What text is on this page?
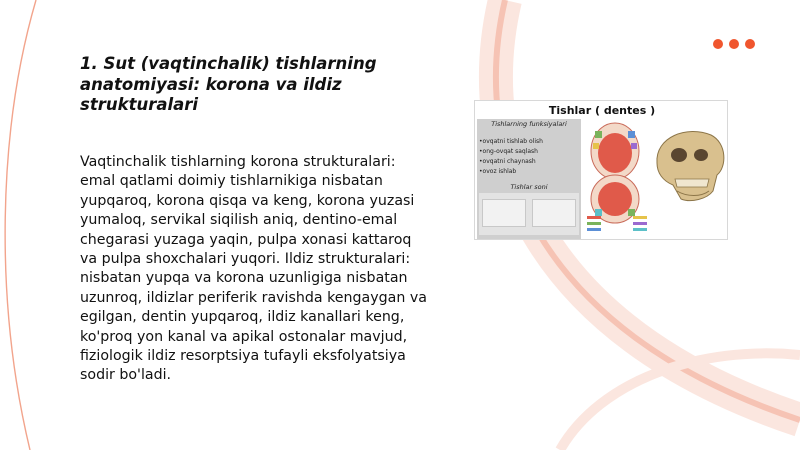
1. Sut (vaqtinchalik) tishlarning anatomiyasi: korona va ildiz strukturalari

Vaqtinchalik tishlarning korona strukturalari: emal qatlami doimiy tishlarnikiga nisbatan yupqaroq, korona qisqa va keng, korona yuzasi yumaloq, servikal siqilish aniq, dentino-emal chegarasi yuzaga yaqin, pulpa xonasi kattaroq va pulpa shoxchalari yuqori. Ildiz strukturalari: nisbatan yupqa va korona uzunligiga nisbatan uzunroq, ildizlar periferik ravishda kengaygan va egilgan, dentin yupqaroq, ildiz kanallari keng, ko'proq yon kanal va apikal ostonalar mavjud, fiziologik ildiz resorptsiya tufayli eksfolyatsiya sodir bo'ladi.

Tishlar ( dentes )
Tishlarning funksiyalari
• ovqatni tishlab olish
• ong-ovqat saqlash
• ovqatni chaynash
• ovoz ishlab
Tishlar soni
